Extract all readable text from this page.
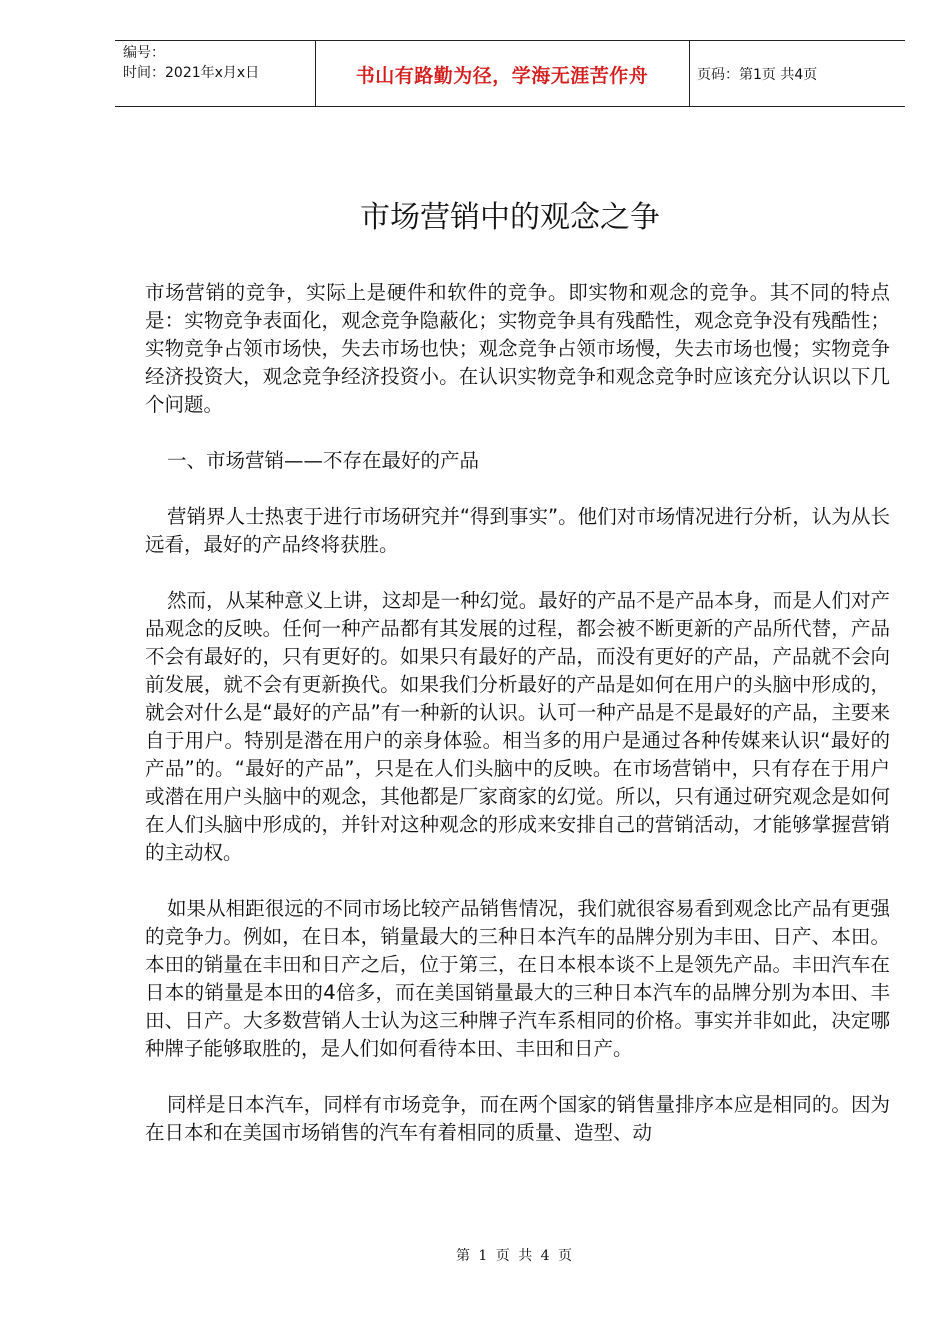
编号：
时间：2021年x月x日	书山有路勤为径，学海无涯苦作舟	页码：第1页 共4页
市场营销中的观念之争

市场营销的竞争，实际上是硬件和软件的竞争。即实物和观念的竞争。其不同的特点是：实物竞争表面化，观念竞争隐蔽化；实物竞争具有残酷性，观念竞争没有残酷性；实物竞争占领市场快，失去市场也快；观念竞争占领市场慢，失去市场也慢；实物竞争经济投资大，观念竞争经济投资小。在认识实物竞争和观念竞争时应该充分认识以下几个问题。

一、市场营销——不存在最好的产品

营销界人士热衷于进行市场研究并“得到事实”。他们对市场情况进行分析，认为从长远看，最好的产品终将获胜。

然而，从某种意义上讲，这却是一种幻觉。最好的产品不是产品本身，而是人们对产品观念的反映。任何一种产品都有其发展的过程，都会被不断更新的产品所代替，产品不会有最好的，只有更好的。如果只有最好的产品，而没有更好的产品，产品就不会向前发展，就不会有更新换代。如果我们分析最好的产品是如何在用户的头脑中形成的，就会对什么是“最好的产品”有一种新的认识。认可一种产品是不是最好的产品，主要来自于用户。特别是潜在用户的亲身体验。相当多的用户是通过各种传媒来认识“最好的产品”的。“最好的产品”，只是在人们头脑中的反映。在市场营销中，只有存在于用户或潜在用户头脑中的观念，其他都是厂家商家的幻觉。所以，只有通过研究观念是如何在人们头脑中形成的，并针对这种观念的形成来安排自己的营销活动，才能够掌握营销的主动权。

如果从相距很远的不同市场比较产品销售情况，我们就很容易看到观念比产品有更强的竞争力。例如，在日本，销量最大的三种日本汽车的品牌分别为丰田、日产、本田。本田的销量在丰田和日产之后，位于第三，在日本根本谈不上是领先产品。丰田汽车在日本的销量是本田的4倍多，而在美国销量最大的三种日本汽车的品牌分别为本田、丰田、日产。大多数营销人士认为这三种牌子汽车系相同的价格。事实并非如此，决定哪种牌子能够取胜的，是人们如何看待本田、丰田和日产。

同样是日本汽车，同样有市场竞争，而在两个国家的销售量排序本应是相同的。因为在日本和在美国市场销售的汽车有着相同的质量、造型、动

第 1 页 共 4 页
